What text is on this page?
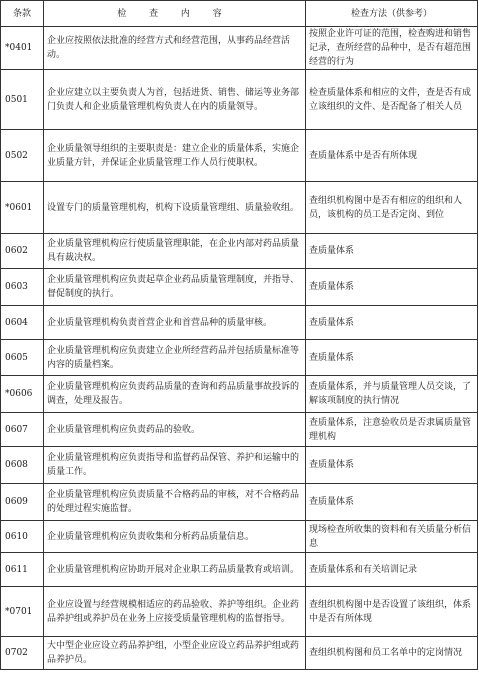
条款	检 查 内 容	检查方法（供参考）
*0401	企业应按照依法批准的经营方式和经营范围，从事药品经营活动。	按照企业许可证的范围，检查购进和销售记录，查所经营的品种中，是否有超范围经营的行为
0501	企业应建立以主要负责人为首，包括进货、销售、储运等业务部门负责人和企业质量管理机构负责人在内的质量领导。	检查质量体系和相应的文件，查是否有成立该组织的文件、是否配备了相关人员
0502	企业质量领导组织的主要职责是：建立企业的质量体系，实施企业质量方针，并保证企业质量管理工作人员行使职权。	查质量体系中是否有所体现
*0601	设置专门的质量管理机构，机构下设质量管理组、质量验收组。	查组织机构图中是否有相应的组织和人员，该机构的员工是否定岗、到位
0602	企业质量管理机构应行使质量管理职能，在企业内部对药品质量具有裁决权。	查质量体系
0603	企业质量管理机构应负责起草企业药品质量管理制度，并指导、督促制度的执行。	查质量体系
0604	企业质量管理机构负责首营企业和首营品种的质量审核。	查质量体系
0605	企业质量管理机构应负责建立企业所经营药品并包括质量标准等内容的质量档案。	查质量体系
*0606	企业质量管理机构应负责药品质量的查询和药品质量事故投诉的调查，处理及报告。	查质量体系，并与质量管理人员交谈，了解该项制度的执行情况
0607	企业质量管理机构应负责药品的验收。	查质量体系，注意验收员是否隶属质量管理机构
0608	企业质量管理机构应负责指导和监督药品保管、养护和运输中的质量工作。	查质量体系
0609	企业质量管理机构应负责质量不合格药品的审核，对不合格药品的处理过程实施监督。	查质量体系
0610	企业质量管理机构应负责收集和分析药品质量信息。	现场检查所收集的资料和有关质量分析信息
0611	企业质量管理机构应协助开展对企业职工药品质量教育或培训。	查质量体系和有关培训记录
*0701	企业应设置与经营规模相适应的药品验收、养护等组织。企业药品养护组或养护员在业务上应接受质量管理机构的监督指导。	查组织机构图中是否设置了该组织，体系中是否有所体现
0702	大中型企业应设立药品养护组，小型企业应设立药品养护组或药品养护员。	查组织机构图和员工名单中的定岗情况
